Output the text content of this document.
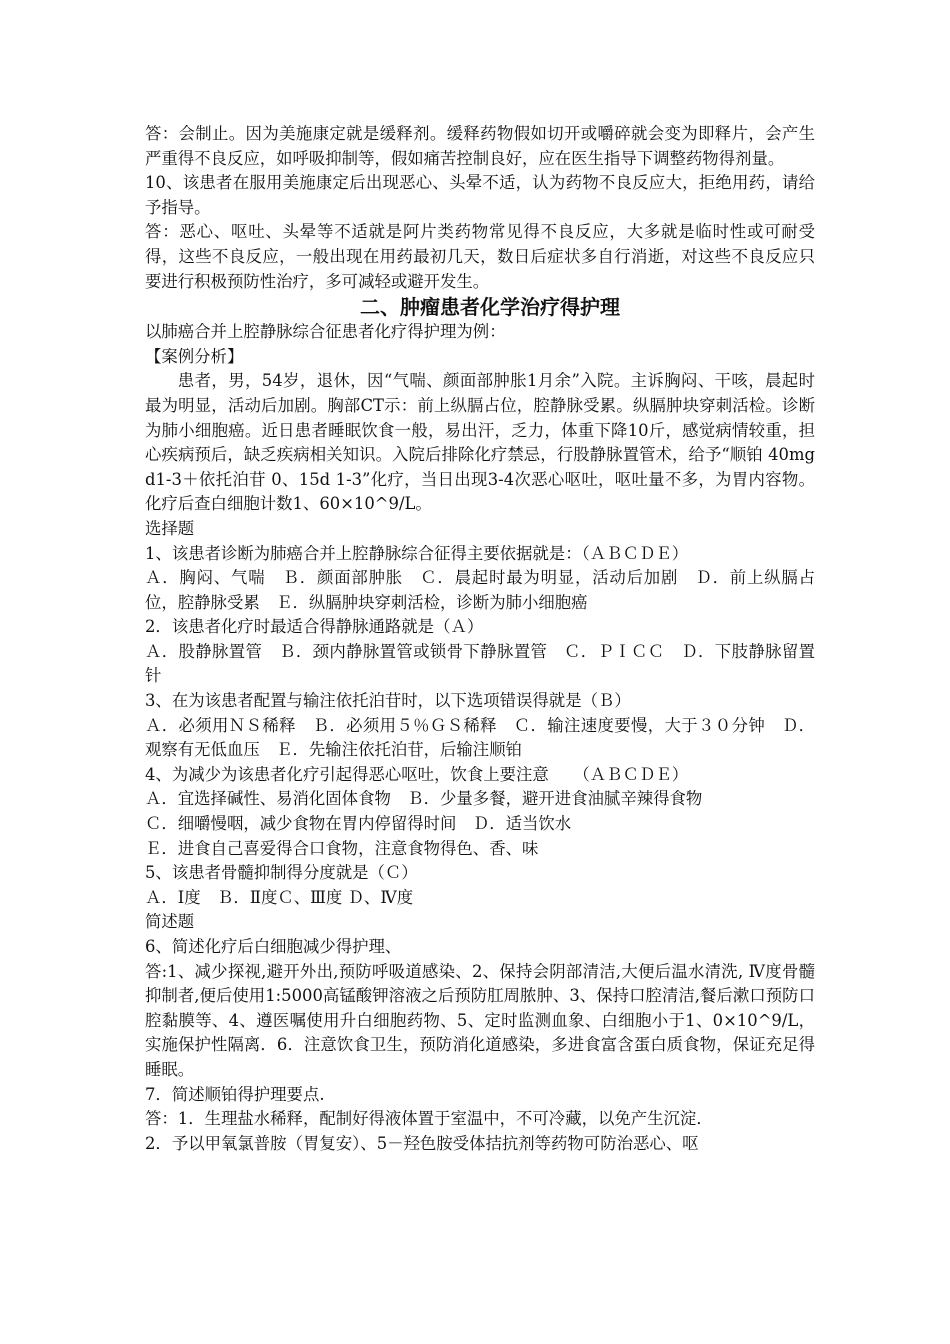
答：会制止。因为美施康定就是缓释剂。缓释药物假如切开或嚼碎就会变为即释片，会产生严重得不良反应，如呼吸抑制等，假如痛苦控制良好，应在医生指导下调整药物得剂量。

10、该患者在服用美施康定后出现恶心、头晕不适，认为药物不良反应大，拒绝用药，请给予指导。

答：恶心、呕吐、头晕等不适就是阿片类药物常见得不良反应，大多就是临时性或可耐受得，这些不良反应，一般出现在用药最初几天，数日后症状多自行消逝，对这些不良反应只要进行积极预防性治疗，多可减轻或避开发生。

二、肿瘤患者化学治疗得护理

以肺癌合并上腔静脉综合征患者化疗得护理为例：

【案例分析】

患者，男，54岁，退休，因“气喘、颜面部肿胀1月余”入院。主诉胸闷、干咳，晨起时最为明显，活动后加剧。胸部CT示：前上纵膈占位，腔静脉受累。纵膈肿块穿刺活检。诊断为肺小细胞癌。近日患者睡眠饮食一般，易出汗，乏力，体重下降10斤，感觉病情较重，担心疾病预后，缺乏疾病相关知识。入院后排除化疗禁忌，行股静脉置管术，给予“顺铂 40mg d1-3＋依托泊苷 0、15d 1-3”化疗，当日出现3-4次恶心呕吐，呕吐量不多，为胃内容物。化疗后查白细胞计数1、60×10^9/L。

选择题

1、该患者诊断为肺癌合并上腔静脉综合征得主要依据就是：（ＡＢＣＤＥ）

Ａ．胸闷、气喘　Ｂ．颜面部肿胀　Ｃ．晨起时最为明显，活动后加剧　Ｄ．前上纵膈占位，腔静脉受累　Ｅ．纵膈肿块穿刺活检，诊断为肺小细胞癌

2．该患者化疗时最适合得静脉通路就是（Ａ）

Ａ．股静脉置管　Ｂ．颈内静脉置管或锁骨下静脉置管　Ｃ．ＰＩＣＣ　Ｄ．下肢静脉留置针

3、在为该患者配置与输注依托泊苷时，以下选项错误得就是（Ｂ）

Ａ．必须用ＮＳ稀释　Ｂ．必须用５％ＧＳ稀释　Ｃ．输注速度要慢，大于３０分钟　Ｄ．观察有无低血压　Ｅ．先输注依托泊苷，后输注顺铂

4、为减少为该患者化疗引起得恶心呕吐，饮食上要注意　　（ＡＢＣＤＥ）

Ａ．宜选择碱性、易消化固体食物　Ｂ．少量多餐，避开进食油腻辛辣得食物

Ｃ．细嚼慢咽，减少食物在胃内停留得时间　Ｄ．适当饮水

Ｅ．进食自己喜爱得合口食物，注意食物得色、香、味

5、该患者骨髓抑制得分度就是（Ｃ）

Ａ．Ⅰ度　Ｂ．Ⅱ度Ｃ、Ⅲ度 Ｄ、Ⅳ度

简述题

6、简述化疗后白细胞减少得护理、

答:1、减少探视,避开外出,预防呼吸道感染、2、保持会阴部清洁,大便后温水清洗, Ⅳ度骨髓抑制者,便后使用1:5000高锰酸钾溶液之后预防肛周脓肿、3、保持口腔清洁,餐后漱口预防口腔黏膜等、4、遵医嘱使用升白细胞药物、5、定时监测血象、白细胞小于1、0×10^9/L，实施保护性隔离．6．注意饮食卫生，预防消化道感染，多进食富含蛋白质食物，保证充足得睡眠。

7．简述顺铂得护理要点.

答：1．生理盐水稀释，配制好得液体置于室温中，不可冷藏，以免产生沉淀．

2．予以甲氧氯普胺（胃复安）、5－羟色胺受体拮抗剂等药物可防治恶心、呕
